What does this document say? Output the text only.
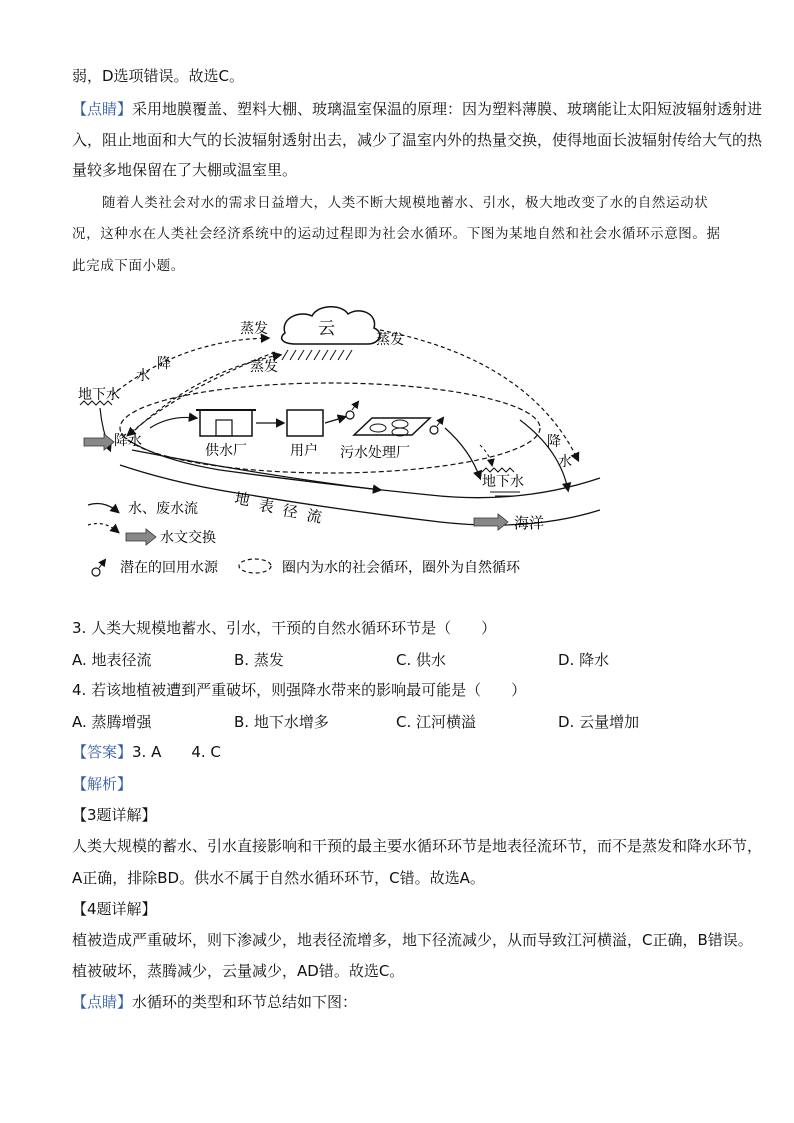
弱，D选项错误。故选C。
【点睛】采用地膜覆盖、塑料大棚、玻璃温室保温的原理：因为塑料薄膜、玻璃能让太阳短波辐射透射进
入，阻止地面和大气的长波辐射透射出去，减少了温室内外的热量交换，使得地面长波辐射传给大气的热
量较多地保留在了大棚或温室里。
随着人类社会对水的需求日益增大，人类不断大规模地蓄水、引水，极大地改变了水的自然运动状
况，这种水在人类社会经济系统中的运动过程即为社会水循环。下图为某地自然和社会水循环示意图。据
此完成下面小题。
云
蒸发
蒸发
蒸发
水
降
地下水
降水
供水厂	用户 污水处理厂
地下水
降
水
地 表 径 流	海洋
水、废水流
水文交换
潜在的回用水源	圈内为水的社会循环，圈外为自然循环
3. 人类大规模地蓄水、引水，干预的自然水循环环节是（　　）
A. 地表径流	B. 蒸发	C. 供水	D. 降水
4. 若该地植被遭到严重破坏，则强降水带来的影响最可能是（　　）
A. 蒸腾增强	B. 地下水增多	C. 江河横溢	D. 云量增加
【答案】3. A　　4. C
【解析】
【3题详解】
人类大规模的蓄水、引水直接影响和干预的最主要水循环环节是地表径流环节，而不是蒸发和降水环节，
A正确，排除BD。供水不属于自然水循环环节，C错。故选A。
【4题详解】
植被造成严重破坏，则下渗减少，地表径流增多，地下径流减少，从而导致江河横溢，C正确，B错误。
植被破坏，蒸腾减少，云量减少，AD错。故选C。
【点睛】水循环的类型和环节总结如下图：
